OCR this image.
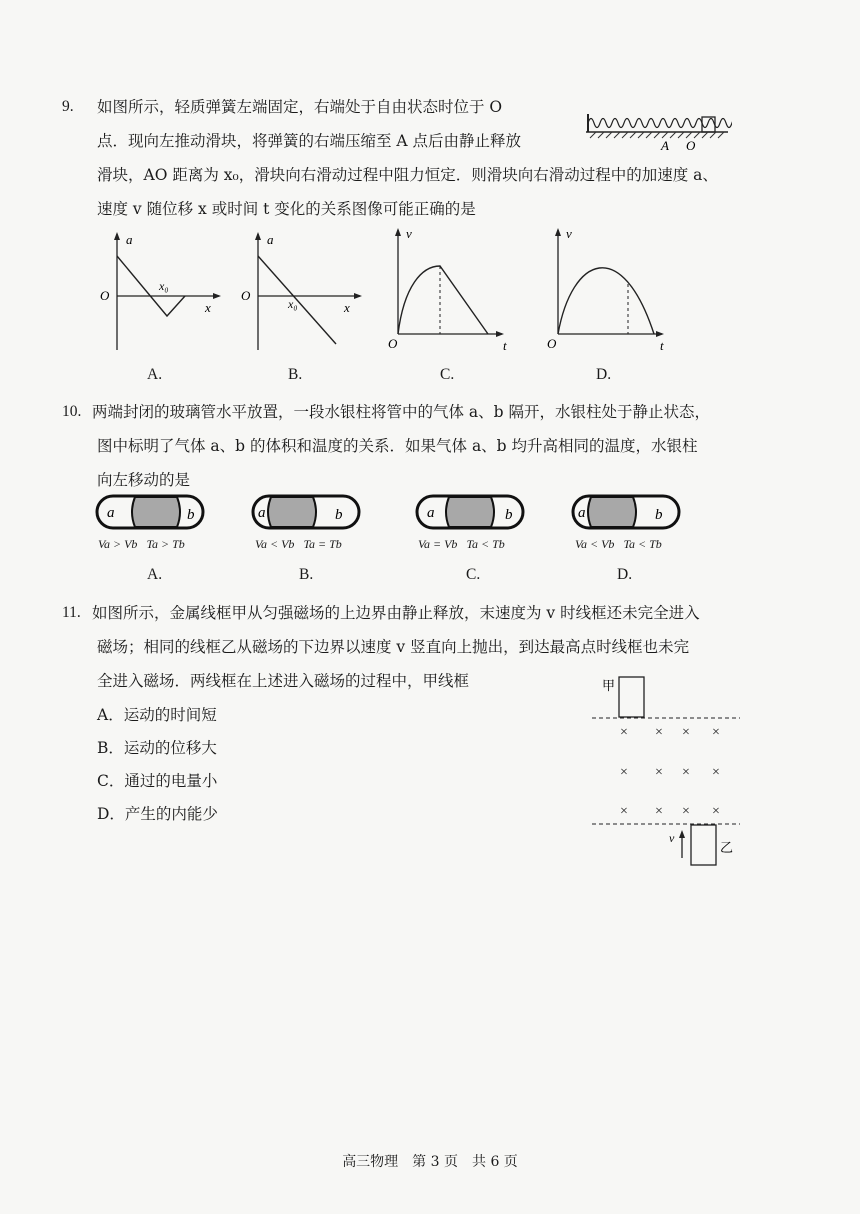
9. 如图所示，轻质弹簧左端固定，右端处于自由状态时位于 O
点．现向左推动滑块，将弹簧的右端压缩至 A 点后由静止释放
滑块，AO 距离为 x₀，滑块向右滑动过程中阻力恒定．则滑块向右滑动过程中的加速度 a、
速度 v 随位移 x 或时间 t 变化的关系图像可能正确的是
A O
a
O
x₀
x
a
O
x₀	x
v
O	t
v
O	t
A.	B.	C.	D.
10. 两端封闭的玻璃管水平放置，一段水银柱将管中的气体 a、b 隔开，水银柱处于静止状态，
图中标明了气体 a、b 的体积和温度的关系．如果气体 a、b 均升高相同的温度，水银柱
向左移动的是
a	b	a	b	a	b	a	b
Va > Vb Ta > Tb	Va < Vb Ta = Tb	Va = Vb Ta < Tb	Va < Vb Ta < Tb
A.	B.	C.	D.
11. 如图所示，金属线框甲从匀强磁场的上边界由静止释放，末速度为 v 时线框还未完全进入
磁场；相同的线框乙从磁场的下边界以速度 v 竖直向上抛出，到达最高点时线框也未完
全进入磁场．两线框在上述进入磁场的过程中，甲线框
A．运动的时间短
B．运动的位移大
C．通过的电量小
D．产生的内能少
甲
× × × ×
× × × ×
× × × ×
乙
v
高三物理　第 3 页　共 6 页
